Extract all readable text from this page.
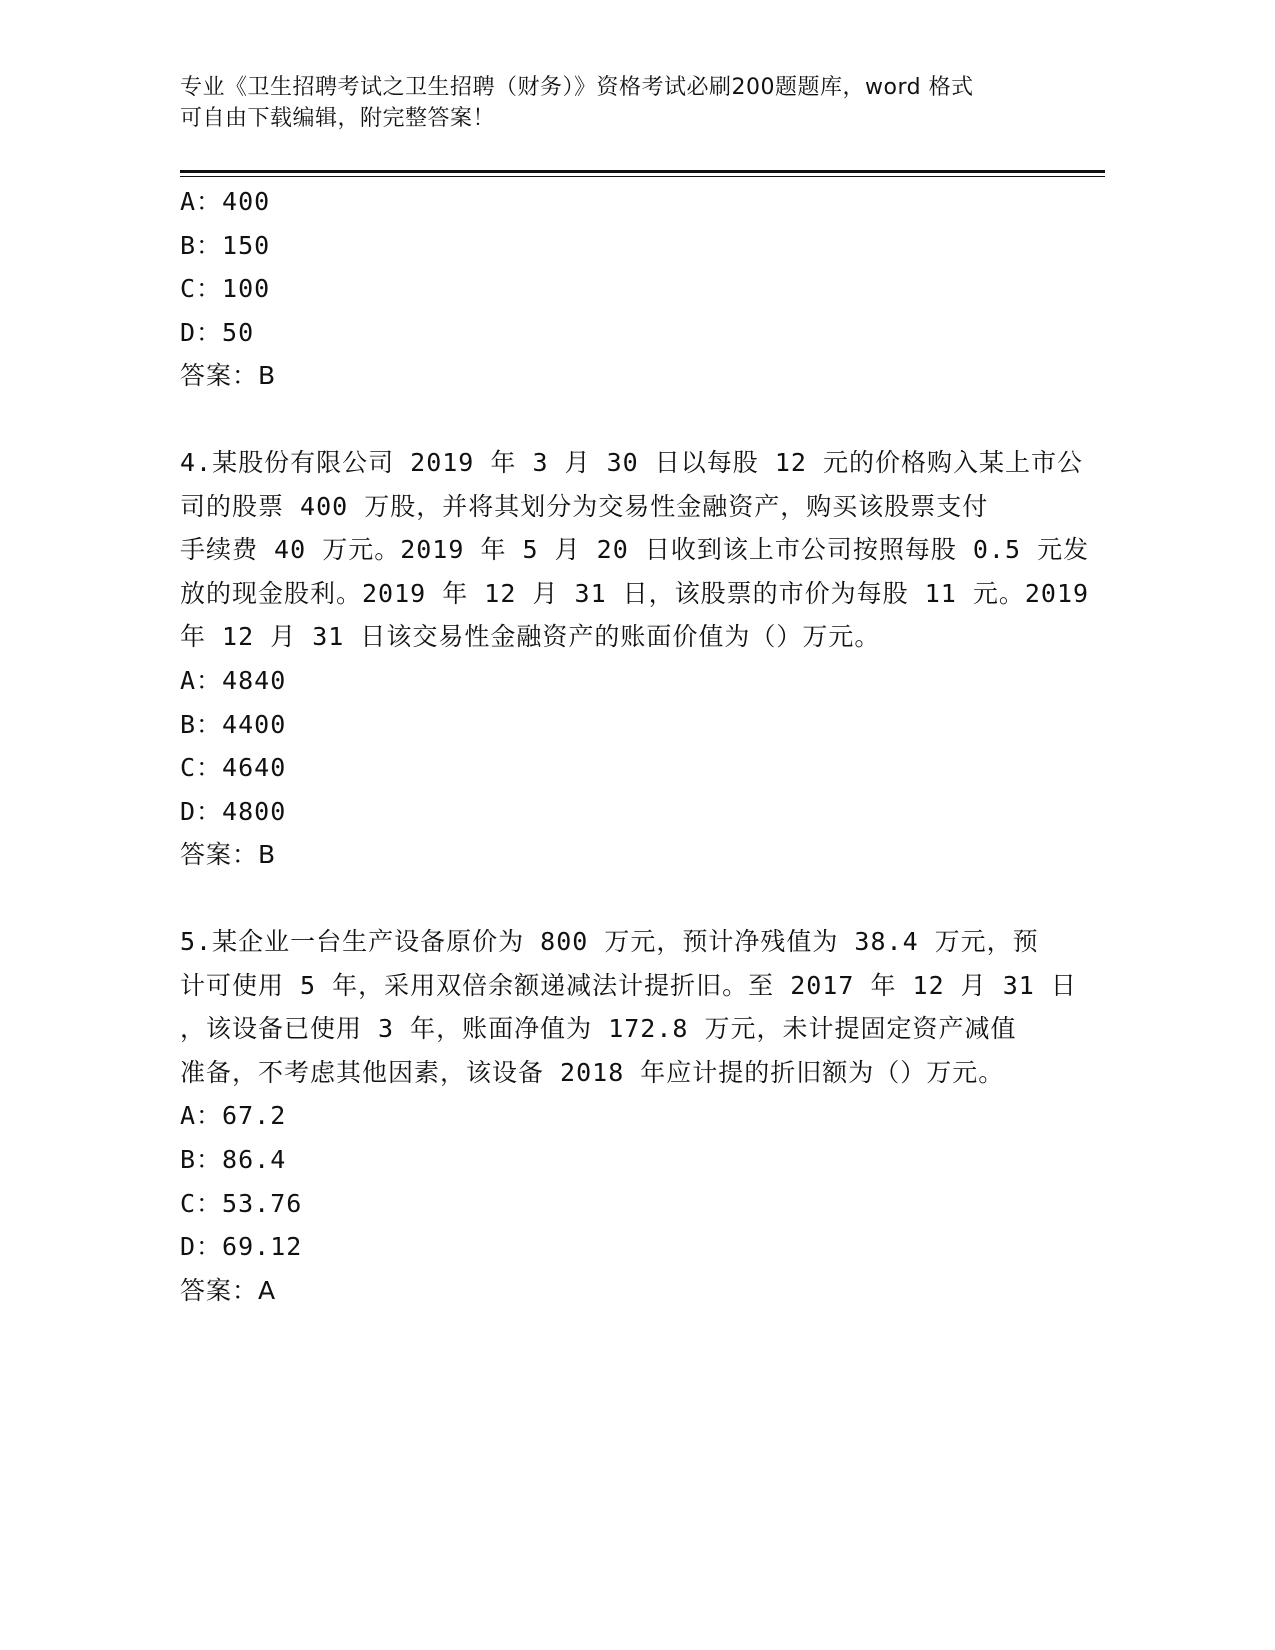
专业《卫生招聘考试之卫生招聘（财务）》资格考试必刷200题题库，word 格式
可自由下载编辑，附完整答案！
A：400
B：150
C：100
D：50
答案：B
4.某股份有限公司 2019 年 3 月 30 日以每股 12 元的价格购入某上市公
司的股票 400 万股，并将其划分为交易性金融资产，购买该股票支付
手续费 40 万元。2019 年 5 月 20 日收到该上市公司按照每股 0.5 元发
放的现金股利。2019 年 12 月 31 日，该股票的市价为每股 11 元。2019
年 12 月 31 日该交易性金融资产的账面价值为（）万元。
A：4840
B：4400
C：4640
D：4800
答案：B
5.某企业一台生产设备原价为 800 万元，预计净残值为 38.4 万元，预
计可使用 5 年，采用双倍余额递减法计提折旧。至 2017 年 12 月 31 日
，该设备已使用 3 年，账面净值为 172.8 万元，未计提固定资产减值
准备，不考虑其他因素，该设备 2018 年应计提的折旧额为（）万元。
A：67.2
B：86.4
C：53.76
D：69.12
答案：A
